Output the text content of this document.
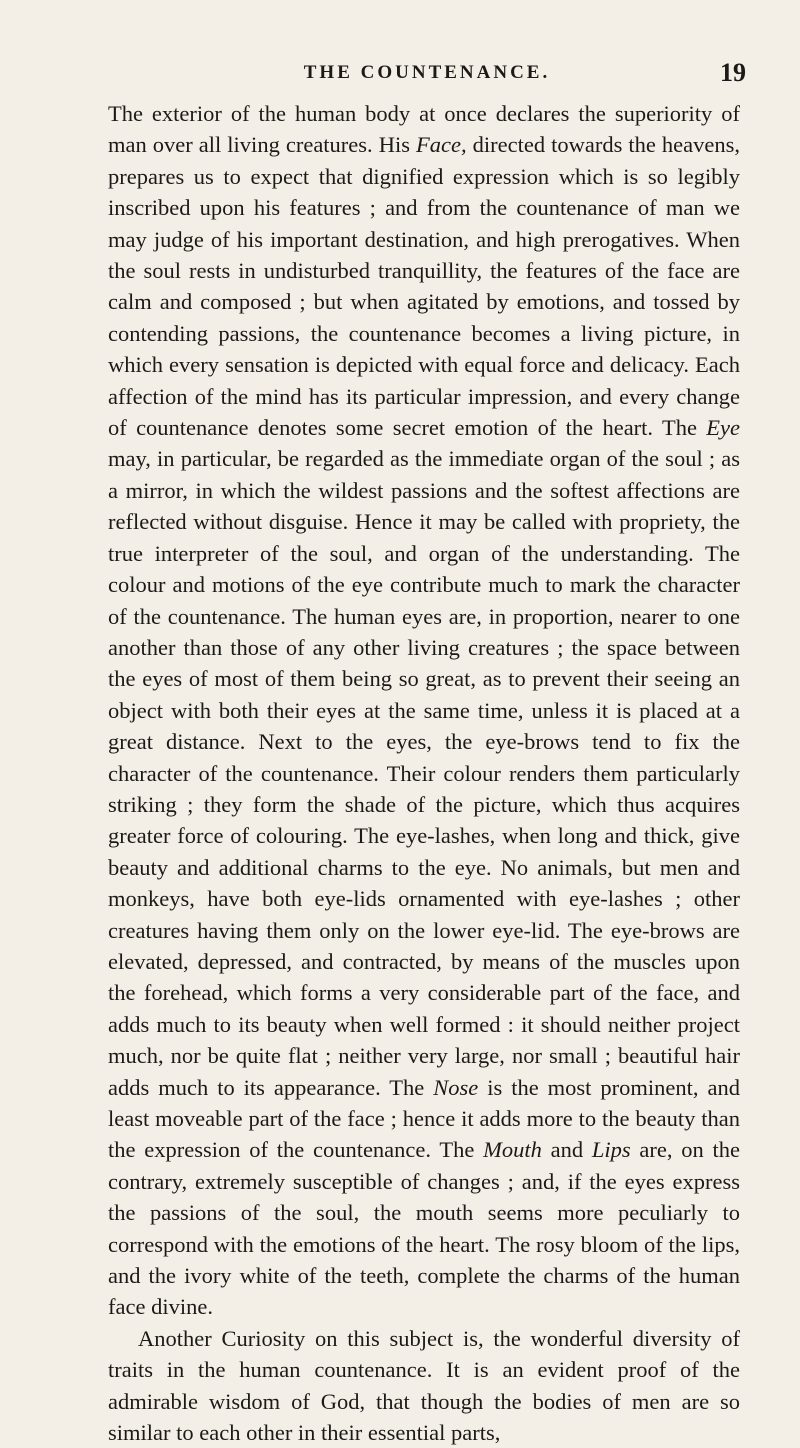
THE COUNTENANCE.	19

The exterior of the human body at once declares the superiority of man over all living creatures. His Face, directed towards the heavens, prepares us to expect that dignified expression which is so legibly inscribed upon his features ; and from the countenance of man we may judge of his important destination, and high prerogatives. When the soul rests in undisturbed tranquillity, the features of the face are calm and composed ; but when agitated by emotions, and tossed by contending passions, the countenance becomes a living picture, in which every sensation is depicted with equal force and delicacy. Each affection of the mind has its particular impression, and every change of countenance denotes some secret emotion of the heart. The Eye may, in particular, be regarded as the immediate organ of the soul ; as a mirror, in which the wildest passions and the softest affections are reflected without disguise. Hence it may be called with propriety, the true interpreter of the soul, and organ of the understanding. The colour and motions of the eye contribute much to mark the character of the countenance. The human eyes are, in proportion, nearer to one another than those of any other living creatures ; the space between the eyes of most of them being so great, as to prevent their seeing an object with both their eyes at the same time, unless it is placed at a great distance. Next to the eyes, the eye-brows tend to fix the character of the countenance. Their colour renders them particularly striking ; they form the shade of the picture, which thus acquires greater force of colouring. The eye-lashes, when long and thick, give beauty and additional charms to the eye. No animals, but men and monkeys, have both eye-lids ornamented with eye-lashes ; other creatures having them only on the lower eye-lid. The eye-brows are elevated, depressed, and contracted, by means of the muscles upon the forehead, which forms a very considerable part of the face, and adds much to its beauty when well formed : it should neither project much, nor be quite flat ; neither very large, nor small ; beautiful hair adds much to its appearance. The Nose is the most prominent, and least moveable part of the face ; hence it adds more to the beauty than the expression of the countenance. The Mouth and Lips are, on the contrary, extremely susceptible of changes ; and, if the eyes express the passions of the soul, the mouth seems more peculiarly to correspond with the emotions of the heart. The rosy bloom of the lips, and the ivory white of the teeth, complete the charms of the human face divine.

Another Curiosity on this subject is, the wonderful diversity of traits in the human countenance. It is an evident proof of the admirable wisdom of God, that though the bodies of men are so similar to each other in their essential parts,
